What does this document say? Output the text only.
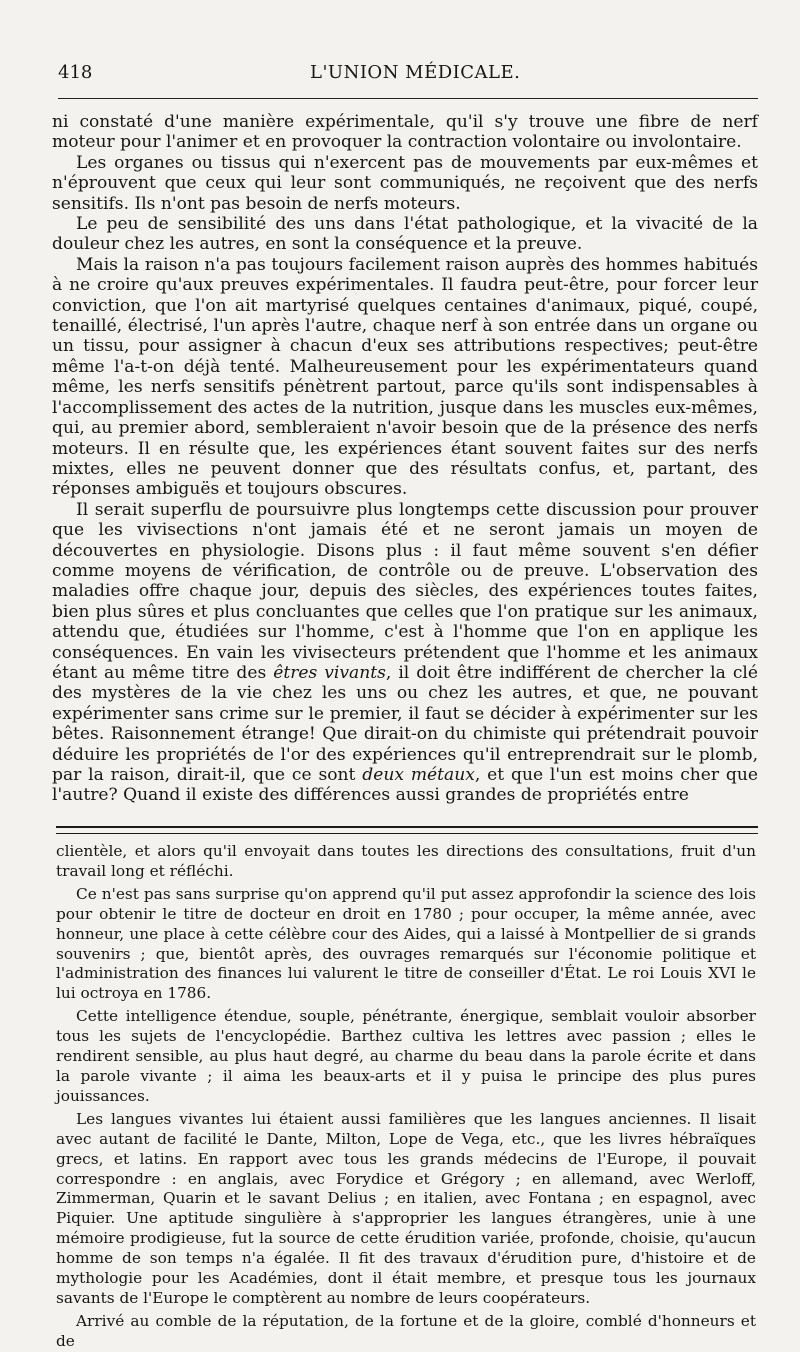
418	L'UNION MÉDICALE.

ni constaté d'une manière expérimentale, qu'il s'y trouve une fibre de nerf moteur pour l'animer et en provoquer la contraction volontaire ou involontaire.

Les organes ou tissus qui n'exercent pas de mouvements par eux-mêmes et n'éprouvent que ceux qui leur sont communiqués, ne reçoivent que des nerfs sensitifs. Ils n'ont pas besoin de nerfs moteurs.

Le peu de sensibilité des uns dans l'état pathologique, et la vivacité de la douleur chez les autres, en sont la conséquence et la preuve.

Mais la raison n'a pas toujours facilement raison auprès des hommes habitués à ne croire qu'aux preuves expérimentales. Il faudra peut-être, pour forcer leur conviction, que l'on ait martyrisé quelques centaines d'animaux, piqué, coupé, tenaillé, électrisé, l'un après l'autre, chaque nerf à son entrée dans un organe ou un tissu, pour assigner à chacun d'eux ses attributions respectives; peut-être même l'a-t-on déjà tenté. Malheureusement pour les expérimentateurs quand même, les nerfs sensitifs pénètrent partout, parce qu'ils sont indispensables à l'accomplissement des actes de la nutrition, jusque dans les muscles eux-mêmes, qui, au premier abord, sembleraient n'avoir besoin que de la présence des nerfs moteurs. Il en résulte que, les expériences étant souvent faites sur des nerfs mixtes, elles ne peuvent donner que des résultats confus, et, partant, des réponses ambiguës et toujours obscures.

Il serait superflu de poursuivre plus longtemps cette discussion pour prouver que les vivisections n'ont jamais été et ne seront jamais un moyen de découvertes en physiologie. Disons plus : il faut même souvent s'en défier comme moyens de vérification, de contrôle ou de preuve. L'observation des maladies offre chaque jour, depuis des siècles, des expériences toutes faites, bien plus sûres et plus concluantes que celles que l'on pratique sur les animaux, attendu que, étudiées sur l'homme, c'est à l'homme que l'on en applique les conséquences. En vain les vivisecteurs prétendent que l'homme et les animaux étant au même titre des êtres vivants, il doit être indifférent de chercher la clé des mystères de la vie chez les uns ou chez les autres, et que, ne pouvant expérimenter sans crime sur le premier, il faut se décider à expérimenter sur les bêtes. Raisonnement étrange! Que dirait-on du chimiste qui prétendrait pouvoir déduire les propriétés de l'or des expériences qu'il entreprendrait sur le plomb, par la raison, dirait-il, que ce sont deux métaux, et que l'un est moins cher que l'autre? Quand il existe des différences aussi grandes de propriétés entre

clientèle, et alors qu'il envoyait dans toutes les directions des consultations, fruit d'un travail long et réfléchi.

Ce n'est pas sans surprise qu'on apprend qu'il put assez approfondir la science des lois pour obtenir le titre de docteur en droit en 1780 ; pour occuper, la même année, avec honneur, une place à cette célèbre cour des Aides, qui a laissé à Montpellier de si grands souvenirs ; que, bientôt après, des ouvrages remarqués sur l'économie politique et l'administration des finances lui valurent le titre de conseiller d'État. Le roi Louis XVI le lui octroya en 1786.

Cette intelligence étendue, souple, pénétrante, énergique, semblait vouloir absorber tous les sujets de l'encyclopédie. Barthez cultiva les lettres avec passion ; elles le rendirent sensible, au plus haut degré, au charme du beau dans la parole écrite et dans la parole vivante ; il aima les beaux-arts et il y puisa le principe des plus pures jouissances.

Les langues vivantes lui étaient aussi familières que les langues anciennes. Il lisait avec autant de facilité le Dante, Milton, Lope de Vega, etc., que les livres hébraïques grecs, et latins. En rapport avec tous les grands médecins de l'Europe, il pouvait correspondre : en anglais, avec Forydice et Grégory ; en allemand, avec Werloff, Zimmerman, Quarin et le savant Delius ; en italien, avec Fontana ; en espagnol, avec Piquier. Une aptitude singulière à s'approprier les langues étrangères, unie à une mémoire prodigieuse, fut la source de cette érudition variée, profonde, choisie, qu'aucun homme de son temps n'a égalée. Il fit des travaux d'érudition pure, d'histoire et de mythologie pour les Académies, dont il était membre, et presque tous les journaux savants de l'Europe le comptèrent au nombre de leurs coopérateurs.

Arrivé au comble de la réputation, de la fortune et de la gloire, comblé d'honneurs et de
